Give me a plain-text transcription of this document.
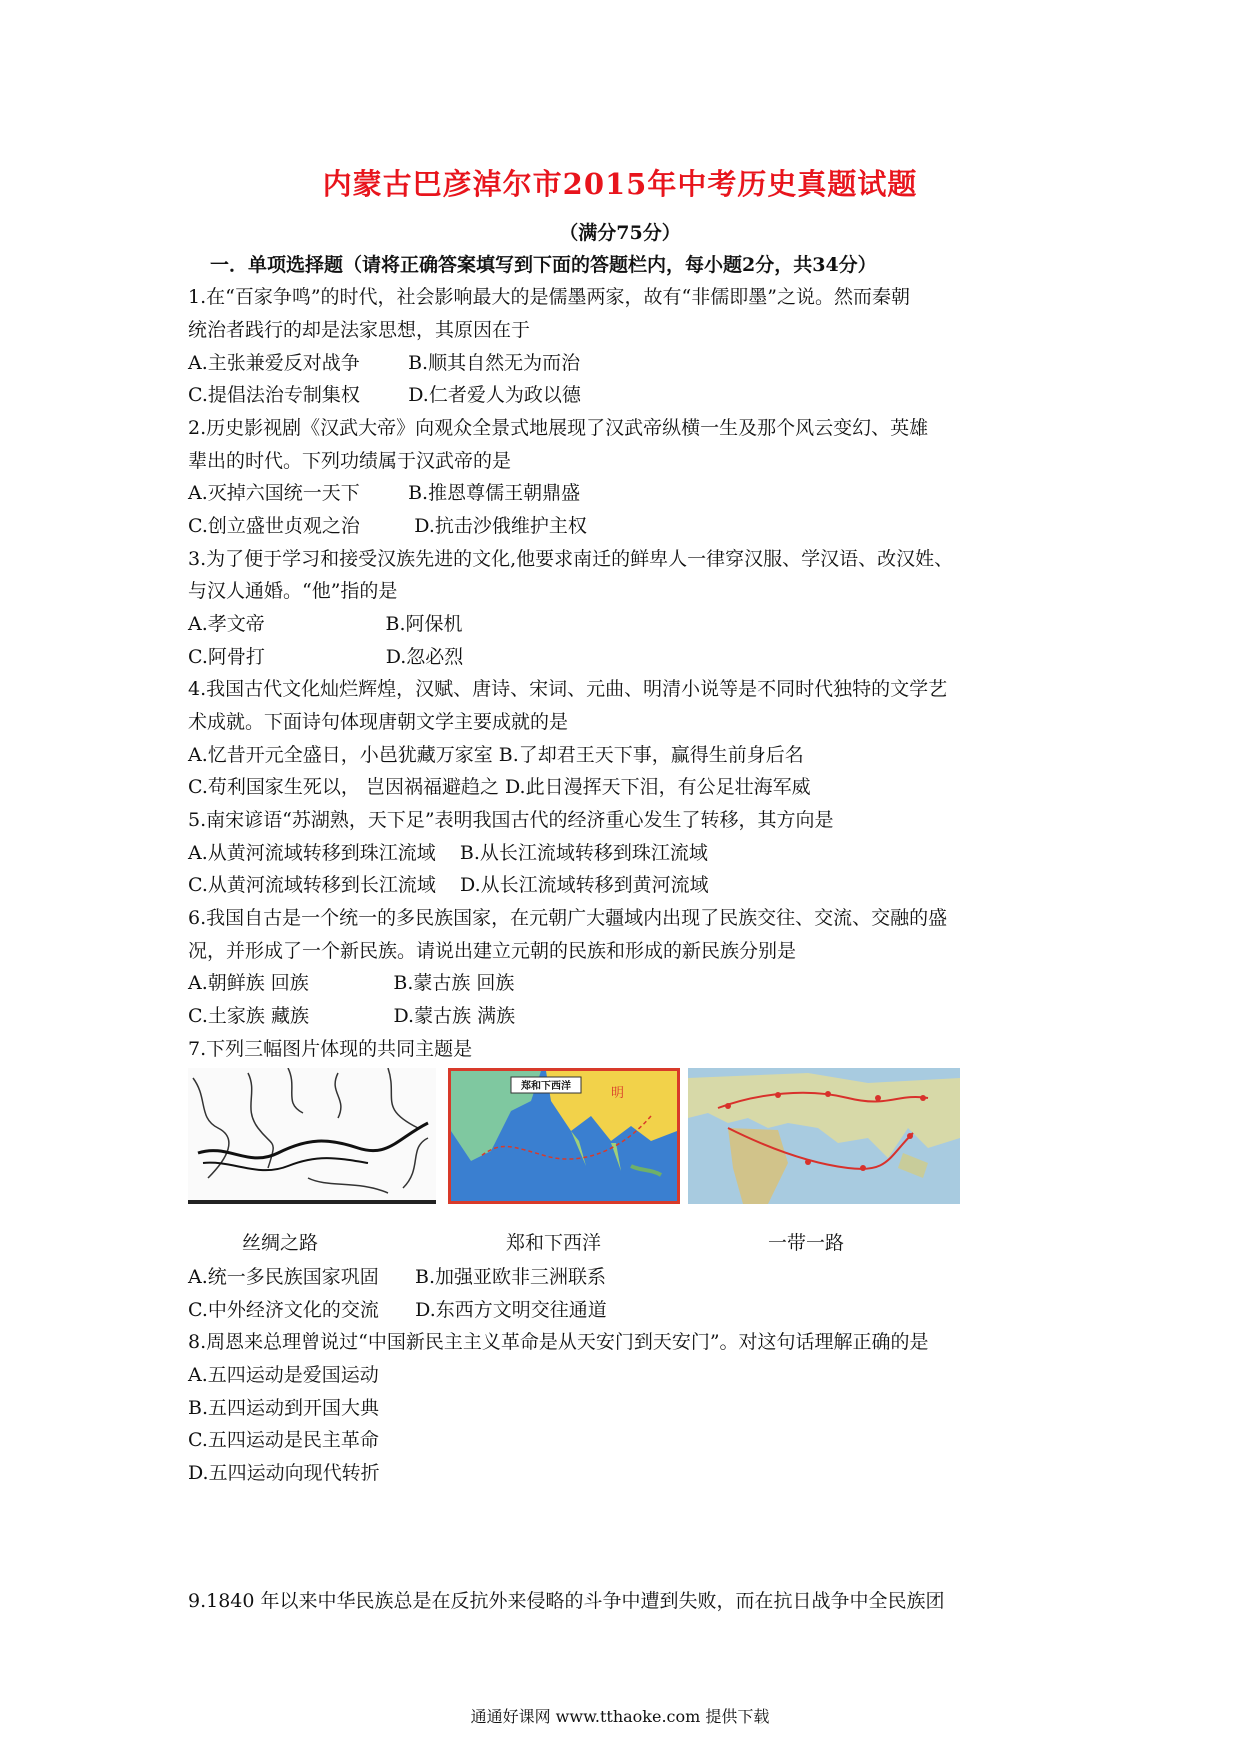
内蒙古巴彦淖尔市2015年中考历史真题试题
（满分75分）
一．单项选择题（请将正确答案填写到下面的答题栏内，每小题2分，共34分）
1.在“百家争鸣”的时代，社会影响最大的是儒墨两家，故有“非儒即墨”之说。然而秦朝
统治者践行的却是法家思想，其原因在于
A.主张兼爱反对战争        B.顺其自然无为而治
C.提倡法治专制集权        D.仁者爱人为政以德
2.历史影视剧《汉武大帝》向观众全景式地展现了汉武帝纵横一生及那个风云变幻、英雄
辈出的时代。下列功绩属于汉武帝的是
A.灭掉六国统一天下        B.推恩尊儒王朝鼎盛
C.创立盛世贞观之治         D.抗击沙俄维护主权
3.为了便于学习和接受汉族先进的文化,他要求南迁的鲜卑人一律穿汉服、学汉语、改汉姓、
与汉人通婚。“他”指的是
A.孝文帝                    B.阿保机
C.阿骨打                    D.忽必烈
4.我国古代文化灿烂辉煌，汉赋、唐诗、宋词、元曲、明清小说等是不同时代独特的文学艺
术成就。下面诗句体现唐朝文学主要成就的是
A.忆昔开元全盛日，小邑犹藏万家室 B.了却君王天下事，赢得生前身后名
C.苟利国家生死以， 岂因祸福避趋之 D.此日漫挥天下泪，有公足壮海军威
5.南宋谚语“苏湖熟，天下足”表明我国古代的经济重心发生了转移，其方向是
A.从黄河流域转移到珠江流域    B.从长江流域转移到珠江流域
C.从黄河流域转移到长江流域    D.从长江流域转移到黄河流域
6.我国自古是一个统一的多民族国家，在元朝广大疆域内出现了民族交往、交流、交融的盛
况，并形成了一个新民族。请说出建立元朝的民族和形成的新民族分别是
A.朝鲜族 回族              B.蒙古族 回族
C.土家族 藏族              D.蒙古族 满族
7.下列三幅图片体现的共同主题是
郑和下西洋	明
丝绸之路	郑和下西洋	一带一路
A.统一多民族国家巩固      B.加强亚欧非三洲联系
C.中外经济文化的交流      D.东西方文明交往通道
8.周恩来总理曾说过“中国新民主主义革命是从天安门到天安门”。对这句话理解正确的是
A.五四运动是爱国运动
B.五四运动到开国大典
C.五四运动是民主革命
D.五四运动向现代转折
9.1840 年以来中华民族总是在反抗外来侵略的斗争中遭到失败，而在抗日战争中全民族团
通通好课网 www.tthaoke.com 提供下载
